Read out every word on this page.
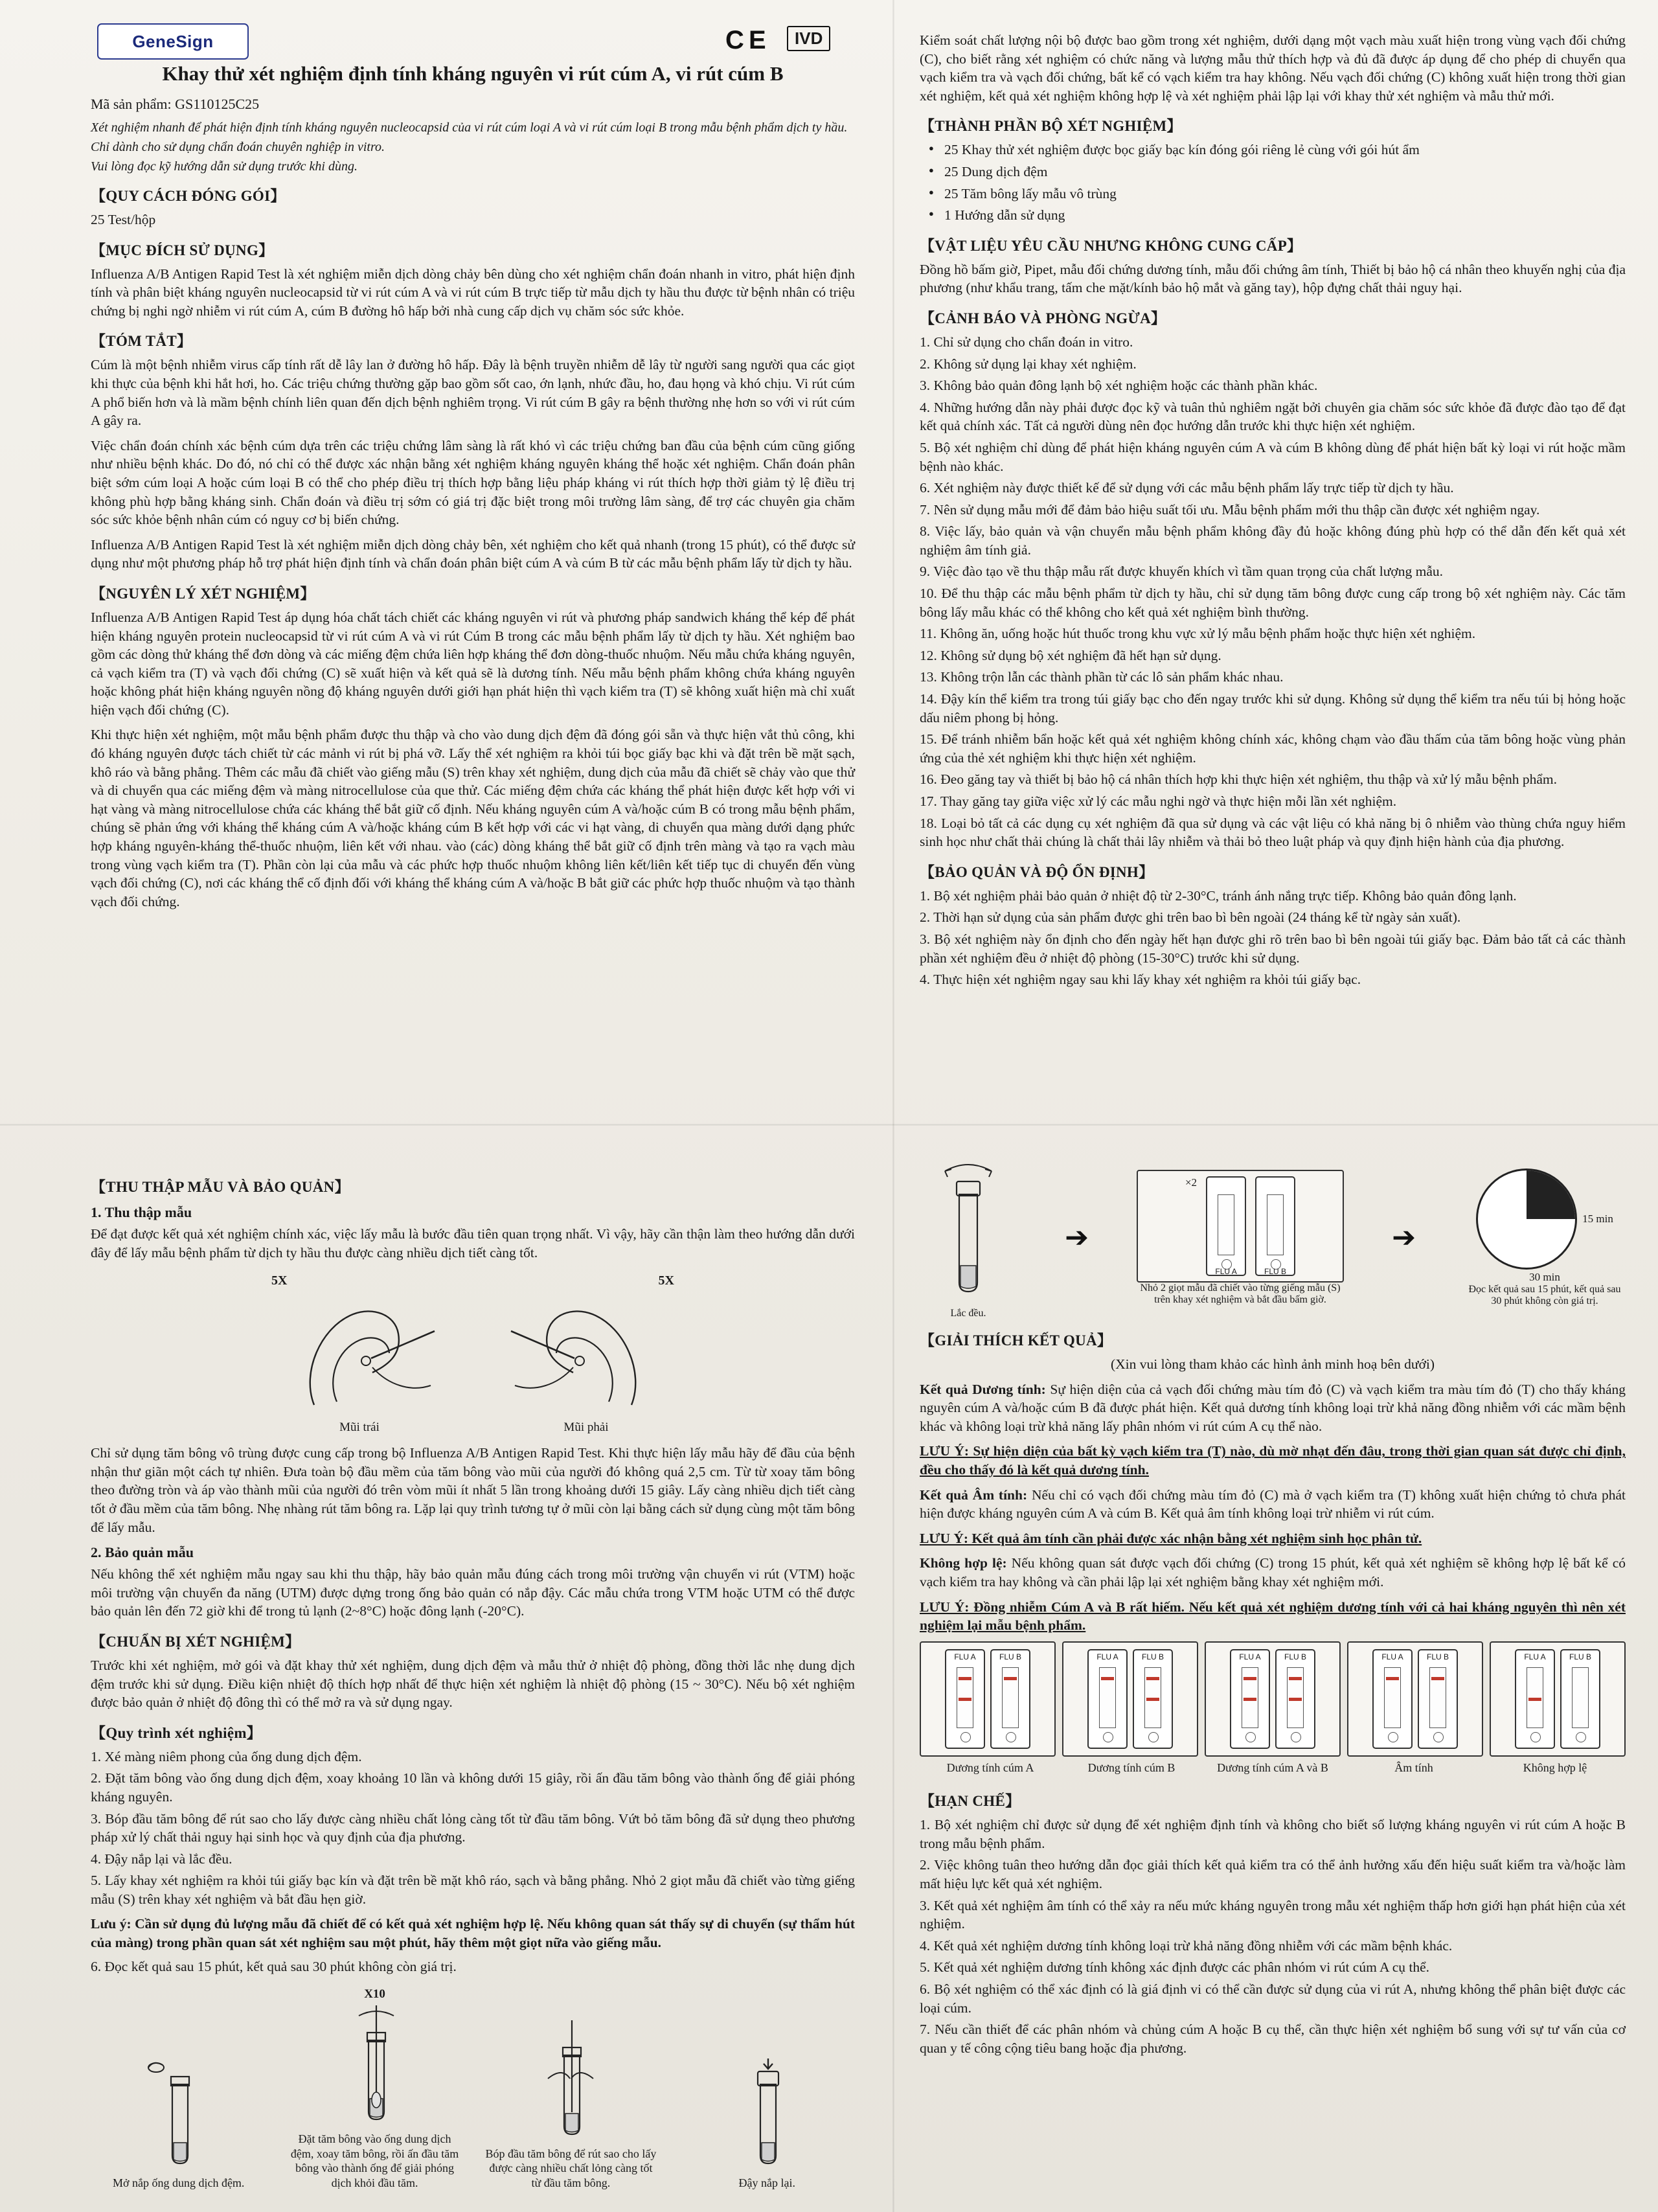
GeneSign	C E	IVD
Khay thử xét nghiệm định tính kháng nguyên vi rút cúm A, vi rút cúm B
Mã sản phẩm: GS110125C25
Xét nghiệm nhanh để phát hiện định tính kháng nguyên nucleocapsid của vi rút cúm loại A và vi rút cúm loại B trong mẫu bệnh phẩm dịch ty hầu.
Chỉ dành cho sử dụng chẩn đoán chuyên nghiệp in vitro.
Vui lòng đọc kỹ hướng dẫn sử dụng trước khi dùng.
【QUY CÁCH ĐÓNG GÓI】
25 Test/hộp
【MỤC ĐÍCH SỬ DỤNG】
Influenza A/B Antigen Rapid Test là xét nghiệm miễn dịch dòng chảy bên dùng cho xét nghiệm chẩn đoán nhanh in vitro, phát hiện định tính và phân biệt kháng nguyên nucleocapsid từ vi rút cúm A và vi rút cúm B trực tiếp từ mẫu dịch ty hầu thu được từ bệnh nhân có triệu chứng bị nghi ngờ nhiễm vi rút cúm A, cúm B đường hô hấp bởi nhà cung cấp dịch vụ chăm sóc sức khỏe.
【TÓM TẮT】
Cúm là một bệnh nhiễm virus cấp tính rất dễ lây lan ở đường hô hấp. Đây là bệnh truyền nhiễm dễ lây từ người sang người qua các giọt khi thực của bệnh khi hắt hơi, ho. Các triệu chứng thường gặp bao gồm sốt cao, ớn lạnh, nhức đầu, ho, đau họng và khó chịu. Vi rút cúm A phổ biến hơn và là mầm bệnh chính liên quan đến dịch bệnh nghiêm trọng. Vi rút cúm B gây ra bệnh thường nhẹ hơn so với vi rút cúm A gây ra.
Việc chẩn đoán chính xác bệnh cúm dựa trên các triệu chứng lâm sàng là rất khó vì các triệu chứng ban đầu của bệnh cúm cũng giống như nhiều bệnh khác. Do đó, nó chỉ có thể được xác nhận bằng xét nghiệm kháng nguyên kháng thể hoặc xét nghiệm. Chẩn đoán phân biệt sớm cúm loại A hoặc cúm loại B có thể cho phép điều trị thích hợp bằng liệu pháp kháng vi rút thích hợp thời giảm tỷ lệ điều trị không phù hợp bằng kháng sinh. Chẩn đoán và điều trị sớm có giá trị đặc biệt trong môi trường lâm sàng, để trợ các chuyên gia chăm sóc sức khỏe bệnh nhân cúm có nguy cơ bị biến chứng.
Influenza A/B Antigen Rapid Test là xét nghiệm miễn dịch dòng chảy bên, xét nghiệm cho kết quả nhanh (trong 15 phút), có thể được sử dụng như một phương pháp hỗ trợ phát hiện định tính và chẩn đoán phân biệt cúm A và cúm B từ các mẫu bệnh phẩm lấy từ dịch ty hầu.
【NGUYÊN LÝ XÉT NGHIỆM】
Influenza A/B Antigen Rapid Test áp dụng hóa chất tách chiết các kháng nguyên vi rút và phương pháp sandwich kháng thể kép để phát hiện kháng nguyên protein nucleocapsid từ vi rút cúm A và vi rút Cúm B trong các mẫu bệnh phẩm lấy từ dịch ty hầu. Xét nghiệm bao gồm các dòng thử kháng thể đơn dòng và các miếng đệm chứa liên hợp kháng thể đơn dòng-thuốc nhuộm. Nếu mẫu chứa kháng nguyên, cả vạch kiểm tra (T) và vạch đối chứng (C) sẽ xuất hiện và kết quả sẽ là dương tính. Nếu mẫu bệnh phẩm không chứa kháng nguyên hoặc không phát hiện kháng nguyên nồng độ kháng nguyên dưới giới hạn phát hiện thì vạch kiểm tra (T) sẽ không xuất hiện mà chỉ xuất hiện vạch đối chứng (C).
Khi thực hiện xét nghiệm, một mẫu bệnh phẩm được thu thập và cho vào dung dịch đệm đã đóng gói sẵn và thực hiện vắt thủ công, khi đó kháng nguyên được tách chiết từ các mảnh vi rút bị phá vỡ. Lấy thể xét nghiệm ra khỏi túi bọc giấy bạc khi và đặt trên bề mặt sạch, khô ráo và bằng phẳng. Thêm các mẫu đã chiết vào giếng mẫu (S) trên khay xét nghiệm, dung dịch của mẫu đã chiết sẽ chảy vào que thử và di chuyển qua các miếng đệm và màng nitrocellulose của que thử. Các miếng đệm chứa các kháng thể phát hiện được kết hợp với vi hạt vàng và màng nitrocellulose chứa các kháng thể bắt giữ cố định. Nếu kháng nguyên cúm A và/hoặc cúm B có trong mẫu bệnh phẩm, chúng sẽ phản ứng với kháng thể kháng cúm A và/hoặc kháng cúm B kết hợp với các vi hạt vàng, di chuyển qua màng dưới dạng phức hợp kháng nguyên-kháng thể-thuốc nhuộm, liên kết với nhau. vào (các) dòng kháng thể bắt giữ cố định trên màng và tạo ra vạch màu trong vùng vạch kiểm tra (T). Phần còn lại của mẫu và các phức hợp thuốc nhuộm không liên kết/liên kết tiếp tục di chuyển đến vùng vạch đối chứng (C), nơi các kháng thể cố định đối với kháng thể kháng cúm A và/hoặc B bắt giữ các phức hợp thuốc nhuộm và tạo thành vạch đối chứng.
Kiểm soát chất lượng nội bộ được bao gồm trong xét nghiệm, dưới dạng một vạch màu xuất hiện trong vùng vạch đối chứng (C), cho biết rằng xét nghiệm có chức năng và lượng mẫu thử thích hợp và đủ đã được áp dụng để cho phép di chuyển qua vạch kiểm tra và vạch đối chứng, bất kể có vạch kiểm tra hay không. Nếu vạch đối chứng (C) không xuất hiện trong thời gian xét nghiệm, kết quả xét nghiệm không hợp lệ và xét nghiệm phải lập lại với khay thử xét nghiệm và mẫu thử mới.
【THÀNH PHẦN BỘ XÉT NGHIỆM】
● 25 Khay thử xét nghiệm được bọc giấy bạc kín đóng gói riêng lẻ cùng với gói hút ẩm
● 25 Dung dịch đệm
● 25 Tăm bông lấy mẫu vô trùng
● 1 Hướng dẫn sử dụng
【VẬT LIỆU YÊU CẦU NHƯNG KHÔNG CUNG CẤP】
Đồng hồ bấm giờ, Pipet, mẫu đối chứng dương tính, mẫu đối chứng âm tính, Thiết bị bảo hộ cá nhân theo khuyến nghị của địa phương (như khẩu trang, tấm che mặt/kính bảo hộ mắt và găng tay), hộp đựng chất thải nguy hại.
【CẢNH BÁO VÀ PHÒNG NGỪA】
1. Chỉ sử dụng cho chẩn đoán in vitro.
2. Không sử dụng lại khay xét nghiệm.
3. Không bảo quản đông lạnh bộ xét nghiệm hoặc các thành phần khác.
4. Những hướng dẫn này phải được đọc kỹ và tuân thủ nghiêm ngặt bởi chuyên gia chăm sóc sức khỏe đã được đào tạo để đạt kết quả chính xác. Tất cả người dùng nên đọc hướng dẫn trước khi thực hiện xét nghiệm.
5. Bộ xét nghiệm chỉ dùng để phát hiện kháng nguyên cúm A và cúm B không dùng để phát hiện bất kỳ loại vi rút hoặc mầm bệnh nào khác.
6. Xét nghiệm này được thiết kế để sử dụng với các mẫu bệnh phẩm lấy trực tiếp từ dịch ty hầu.
7. Nên sử dụng mẫu mới để đảm bảo hiệu suất tối ưu. Mẫu bệnh phẩm mới thu thập cần được xét nghiệm ngay.
8. Việc lấy, bảo quản và vận chuyển mẫu bệnh phẩm không đầy đủ hoặc không đúng phù hợp có thể dẫn đến kết quả xét nghiệm âm tính giả.
9. Việc đào tạo về thu thập mẫu rất được khuyến khích vì tầm quan trọng của chất lượng mẫu.
10. Để thu thập các mẫu bệnh phẩm từ dịch ty hầu, chỉ sử dụng tăm bông được cung cấp trong bộ xét nghiệm này. Các tăm bông lấy mẫu khác có thể không cho kết quả xét nghiệm bình thường.
11. Không ăn, uống hoặc hút thuốc trong khu vực xử lý mẫu bệnh phẩm hoặc thực hiện xét nghiệm.
12. Không sử dụng bộ xét nghiệm đã hết hạn sử dụng.
13. Không trộn lẫn các thành phần từ các lô sản phẩm khác nhau.
14. Đậy kín thể kiểm tra trong túi giấy bạc cho đến ngay trước khi sử dụng. Không sử dụng thể kiểm tra nếu túi bị hỏng hoặc dấu niêm phong bị hỏng.
15. Để tránh nhiễm bẩn hoặc kết quả xét nghiệm không chính xác, không chạm vào đầu thấm của tăm bông hoặc vùng phản ứng của thẻ xét nghiệm khi thực hiện xét nghiệm.
16. Đeo găng tay và thiết bị bảo hộ cá nhân thích hợp khi thực hiện xét nghiệm, thu thập và xử lý mẫu bệnh phẩm.
17. Thay găng tay giữa việc xử lý các mẫu nghi ngờ và thực hiện mỗi lần xét nghiệm.
18. Loại bỏ tất cả các dụng cụ xét nghiệm đã qua sử dụng và các vật liệu có khả năng bị ô nhiễm vào thùng chứa nguy hiểm sinh học như chất thải chúng là chất thải lây nhiễm và thải bỏ theo luật pháp và quy định hiện hành của địa phương.
【BẢO QUẢN VÀ ĐỘ ỔN ĐỊNH】
1. Bộ xét nghiệm phải bảo quản ở nhiệt độ từ 2-30°C, tránh ánh nắng trực tiếp. Không bảo quản đông lạnh.
2. Thời hạn sử dụng của sản phẩm được ghi trên bao bì bên ngoài (24 tháng kể từ ngày sản xuất).
3. Bộ xét nghiệm này ổn định cho đến ngày hết hạn được ghi rõ trên bao bì bên ngoài túi giấy bạc. Đảm bảo tất cả các thành phần xét nghiệm đều ở nhiệt độ phòng (15-30°C) trước khi sử dụng.
4. Thực hiện xét nghiệm ngay sau khi lấy khay xét nghiệm ra khỏi túi giấy bạc.
【THU THẬP MẪU VÀ BẢO QUẢN】
1. Thu thập mẫu
Để đạt được kết quả xét nghiệm chính xác, việc lấy mẫu là bước đầu tiên quan trọng nhất. Vì vậy, hãy cần thận làm theo hướng dẫn dưới đây để lấy mẫu bệnh phẩm từ dịch ty hầu thu được càng nhiều dịch tiết càng tốt.
5X
Mũi trái
5X
Mũi phải
Chỉ sử dụng tăm bông vô trùng được cung cấp trong bộ Influenza A/B Antigen Rapid Test. Khi thực hiện lấy mẫu hãy để đầu của bệnh nhận thư giãn một cách tự nhiên. Đưa toàn bộ đầu mềm của tăm bông vào mũi của người đó không quá 2,5 cm. Từ từ xoay tăm bông theo đường tròn và áp vào thành mũi của người đó trên vòm mũi ít nhất 5 lần trong khoảng dưới 15 giây. Lấy càng nhiều dịch tiết càng tốt ở đầu mềm của tăm bông. Nhẹ nhàng rút tăm bông ra. Lặp lại quy trình tương tự ở mũi còn lại bằng cách sử dụng cùng một tăm bông để lấy mẫu.
2. Bảo quản mẫu
Nếu không thể xét nghiệm mẫu ngay sau khi thu thập, hãy bảo quản mẫu đúng cách trong môi trường vận chuyển vi rút (VTM) hoặc môi trường vận chuyển đa năng (UTM) được dựng trong ống bảo quản có nắp đậy. Các mẫu chứa trong VTM hoặc UTM có thể được bảo quản lên đến 72 giờ khi để trong tủ lạnh (2~8°C) hoặc đông lạnh (-20°C).
【CHUẨN BỊ XÉT NGHIỆM】
Trước khi xét nghiệm, mở gói và đặt khay thử xét nghiệm, dung dịch đệm và mẫu thử ở nhiệt độ phòng, đồng thời lắc nhẹ dung dịch đệm trước khi sử dụng. Điều kiện nhiệt độ thích hợp nhất để thực hiện xét nghiệm là nhiệt độ phòng (15 ~ 30°C). Nếu bộ xét nghiệm được bảo quản ở nhiệt độ đông thì có thể mở ra và sử dụng ngay.
【Quy trình xét nghiệm】
1. Xé màng niêm phong của ống dung dịch đệm.
2. Đặt tăm bông vào ống dung dịch đệm, xoay khoảng 10 lần và không dưới 15 giây, rồi ấn đầu tăm bông vào thành ống để giải phóng kháng nguyên.
3. Bóp đầu tăm bông để rút sao cho lấy được càng nhiều chất lỏng càng tốt từ đầu tăm bông. Vứt bỏ tăm bông đã sử dụng theo phương pháp xử lý chất thải nguy hại sinh học và quy định của địa phương.
4. Đậy nắp lại và lắc đều.
5. Lấy khay xét nghiệm ra khỏi túi giấy bạc kín và đặt trên bề mặt khô ráo, sạch và bằng phẳng. Nhỏ 2 giọt mẫu đã chiết vào từng giếng mẫu (S) trên khay xét nghiệm và bắt đầu hẹn giờ.
Lưu ý: Cần sử dụng đủ lượng mẫu đã chiết để có kết quả xét nghiệm hợp lệ. Nếu không quan sát thấy sự di chuyển (sự thẩm hút của màng) trong phần quan sát xét nghiệm sau một phút, hãy thêm một giọt nữa vào giếng mẫu.
6. Đọc kết quả sau 15 phút, kết quả sau 30 phút không còn giá trị.
Mở nắp ống dung dịch đệm.
X10
Đặt tăm bông vào ống dung dịch đệm, xoay tăm bông, rồi ấn đầu tăm bông vào thành ống để giải phóng dịch khỏi đầu tăm.
Bóp đầu tăm bông để rút sao cho lấy được càng nhiều chất lỏng càng tốt từ đầu tăm bông.	Đậy nắp lại.
Lắc đều.
➔
×2
FLU A	FLU B
Nhỏ 2 giọt mẫu đã chiết vào từng giếng mẫu (S) trên khay xét nghiệm và bắt đầu bấm giờ.
➔
15 min
30 min
Đọc kết quả sau 15 phút, kết quả sau 30 phút không còn giá trị.
【GIẢI THÍCH KẾT QUẢ】
(Xin vui lòng tham khảo các hình ảnh minh hoạ bên dưới)
Kết quả Dương tính: Sự hiện diện của cả vạch đối chứng màu tím đỏ (C) và vạch kiểm tra màu tím đỏ (T) cho thấy kháng nguyên cúm A và/hoặc cúm B đã được phát hiện. Kết quả dương tính không loại trừ khả năng đồng nhiễm với các mầm bệnh khác và không loại trừ khả năng lấy phân nhóm vi rút cúm A cụ thể nào.
LƯU Ý: Sự hiện diện của bất kỳ vạch kiểm tra (T) nào, dù mờ nhạt đến đâu, trong thời gian quan sát được chỉ định, đều cho thấy đó là kết quả dương tính.
Kết quả Âm tính: Nếu chỉ có vạch đối chứng màu tím đỏ (C) mà ở vạch kiểm tra (T) không xuất hiện chứng tỏ chưa phát hiện được kháng nguyên cúm A và cúm B. Kết quả âm tính không loại trừ nhiễm vi rút cúm.
LƯU Ý: Kết quả âm tính cần phải được xác nhận bằng xét nghiệm sinh học phân tử.
Không hợp lệ: Nếu không quan sát được vạch đối chứng (C) trong 15 phút, kết quả xét nghiệm sẽ không hợp lệ bất kể có vạch kiểm tra hay không và cần phải lập lại xét nghiệm bằng khay xét nghiệm mới.
LƯU Ý: Đồng nhiễm Cúm A và B rất hiếm. Nếu kết quả xét nghiệm dương tính với cả hai kháng nguyên thì nên xét nghiệm lại mẫu bệnh phẩm.
FLU A	FLU B	FLU A	FLU B	FLU A	FLU B	FLU A	FLU B	FLU A	FLU B
Dương tính cúm A	Dương tính cúm B	Dương tính cúm A và B	Âm tính	Không hợp lệ
【HẠN CHẾ】
1. Bộ xét nghiệm chỉ được sử dụng để xét nghiệm định tính và không cho biết số lượng kháng nguyên vi rút cúm A hoặc B trong mẫu bệnh phẩm.
2. Việc không tuân theo hướng dẫn đọc giải thích kết quả kiểm tra có thể ảnh hưởng xấu đến hiệu suất kiểm tra và/hoặc làm mất hiệu lực kết quả xét nghiệm.
3. Kết quả xét nghiệm âm tính có thể xảy ra nếu mức kháng nguyên trong mẫu xét nghiệm thấp hơn giới hạn phát hiện của xét nghiệm.
4. Kết quả xét nghiệm dương tính không loại trừ khả năng đồng nhiễm với các mầm bệnh khác.
5. Kết quả xét nghiệm dương tính không xác định được các phân nhóm vi rút cúm A cụ thể.
6. Bộ xét nghiệm có thể xác định có là giá định vi có thể cần được sử dụng của vi rút A, nhưng không thể phân biệt được các loại cúm.
7. Nếu cần thiết để các phân nhóm và chủng cúm A hoặc B cụ thể, cần thực hiện xét nghiệm bổ sung với sự tư vấn của cơ quan y tế công cộng tiêu bang hoặc địa phương.
